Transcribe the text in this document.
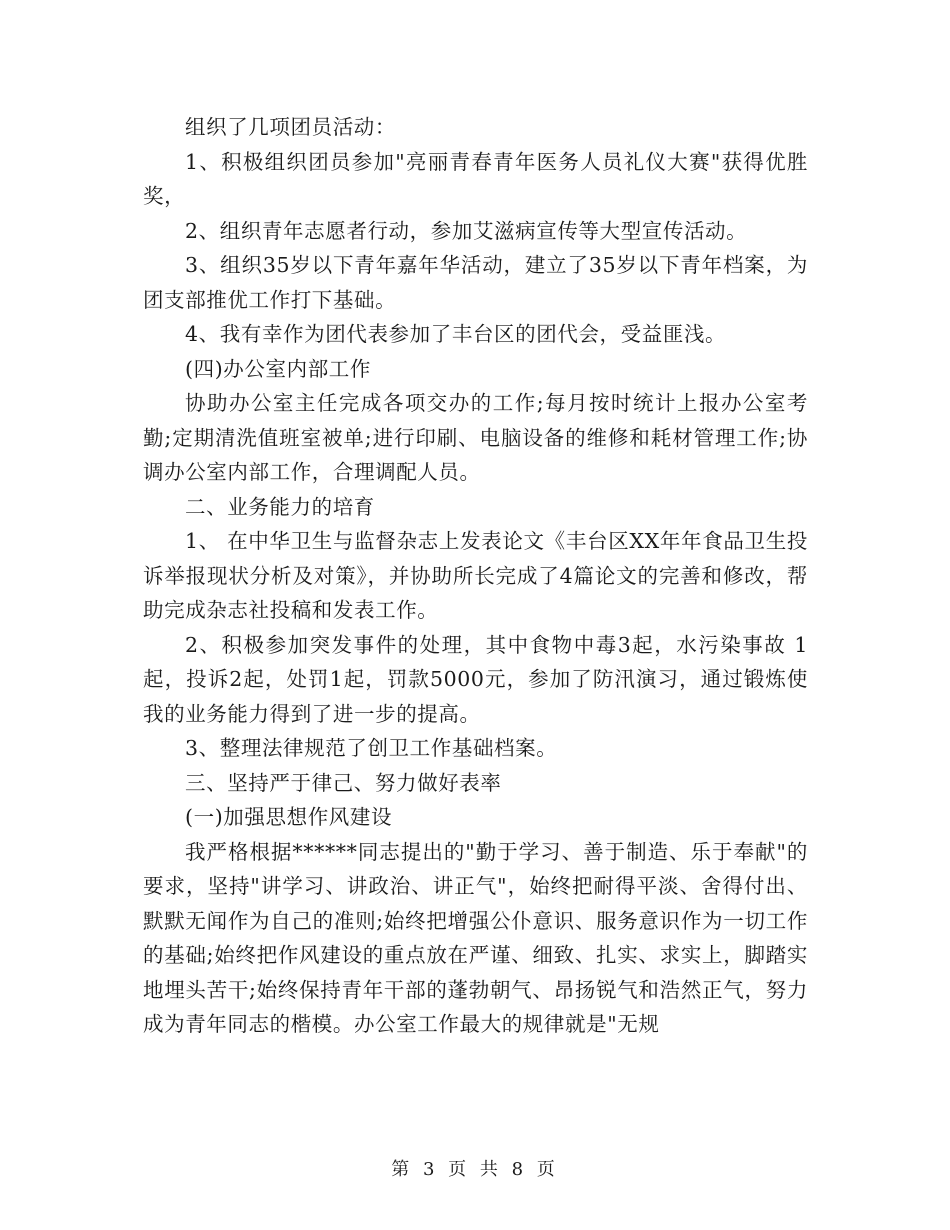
组织了几项团员活动：

1、积极组织团员参加"亮丽青春青年医务人员礼仪大赛"获得优胜奖，

2、组织青年志愿者行动，参加艾滋病宣传等大型宣传活动。

3、组织35岁以下青年嘉年华活动，建立了35岁以下青年档案，为团支部推优工作打下基础。

4、我有幸作为团代表参加了丰台区的团代会，受益匪浅。

(四)办公室内部工作

协助办公室主任完成各项交办的工作;每月按时统计上报办公室考勤;定期清洗值班室被单;进行印刷、电脑设备的维修和耗材管理工作;协调办公室内部工作，合理调配人员。

二、业务能力的培育

1、 在中华卫生与监督杂志上发表论文《丰台区XX年年食品卫生投诉举报现状分析及对策》，并协助所长完成了4篇论文的完善和修改，帮助完成杂志社投稿和发表工作。

2、积极参加突发事件的处理，其中食物中毒3起，水污染事故 1起，投诉2起，处罚1起，罚款5000元，参加了防汛演习，通过锻炼使我的业务能力得到了进一步的提高。

3、整理法律规范了创卫工作基础档案。

三、坚持严于律己、努力做好表率

(一)加强思想作风建设

我严格根据******同志提出的"勤于学习、善于制造、乐于奉献"的要求，坚持"讲学习、讲政治、讲正气"，始终把耐得平淡、舍得付出、默默无闻作为自己的准则;始终把增强公仆意识、服务意识作为一切工作的基础;始终把作风建设的重点放在严谨、细致、扎实、求实上，脚踏实地埋头苦干;始终保持青年干部的蓬勃朝气、昂扬锐气和浩然正气，努力成为青年同志的楷模。办公室工作最大的规律就是"无规

第 3 页 共 8 页
